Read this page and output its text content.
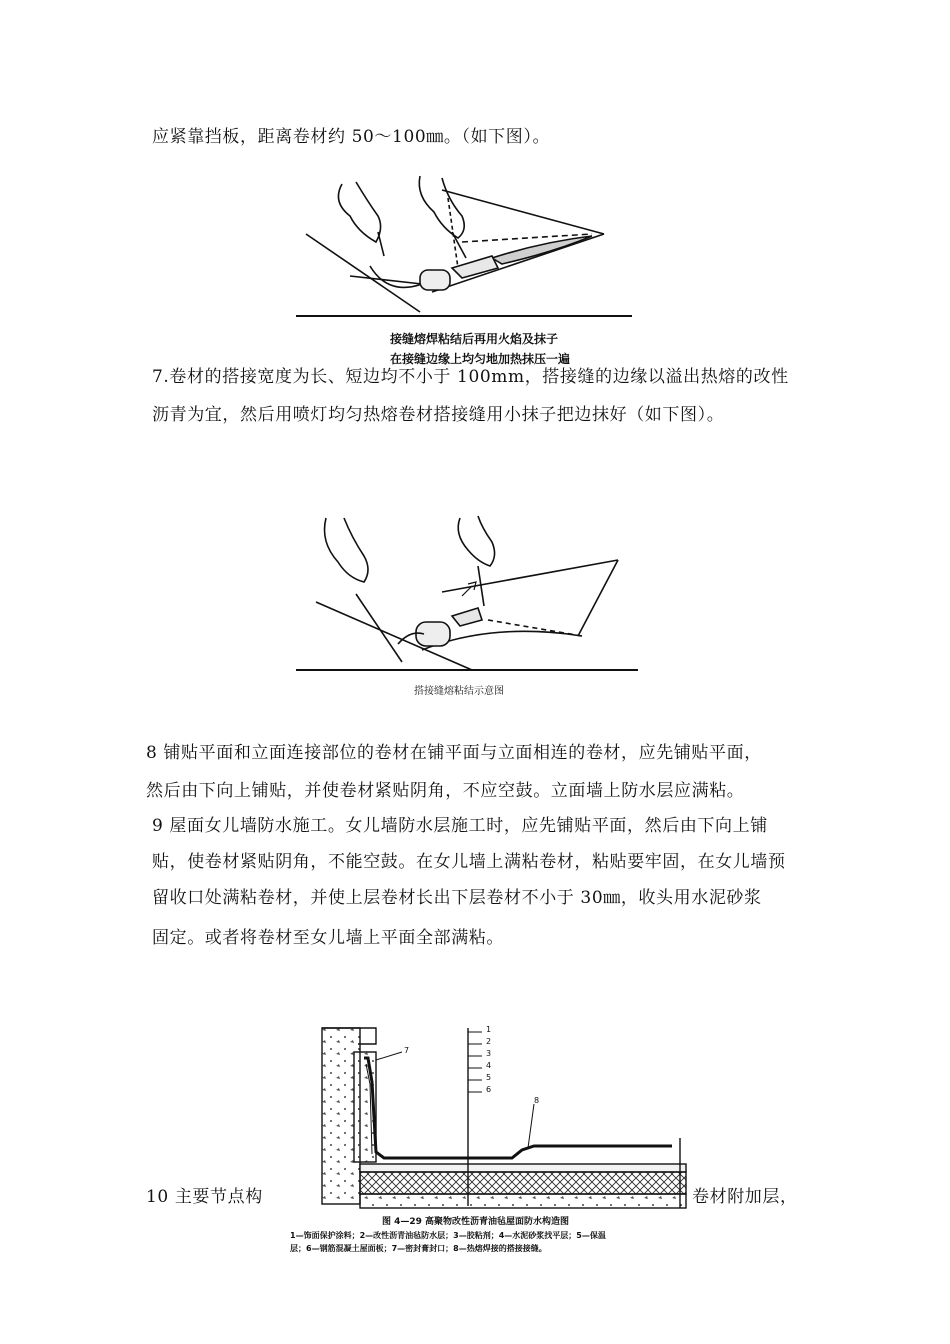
应紧靠挡板，距离卷材约 50～100㎜。（如下图）。
接缝熔焊粘结后再用火焰及抹子
在接缝边缘上均匀地加热抹压一遍
7.卷材的搭接宽度为长、短边均不小于 100mm，搭接缝的边缘以溢出热熔的改性
沥青为宜，然后用喷灯均匀热熔卷材搭接缝用小抹子把边抹好（如下图）。
搭接缝熔粘结示意图
8 铺贴平面和立面连接部位的卷材在铺平面与立面相连的卷材，应先铺贴平面，
然后由下向上铺贴，并使卷材紧贴阴角，不应空鼓。立面墙上防水层应满粘。
9 屋面女儿墙防水施工。女儿墙防水层施工时，应先铺贴平面，然后由下向上铺
贴，使卷材紧贴阴角，不能空鼓。在女儿墙上满粘卷材，粘贴要牢固，在女儿墙预
留收口处满粘卷材，并使上层卷材长出下层卷材不小于 30㎜，收头用水泥砂浆
固定。或者将卷材至女儿墙上平面全部满粘。
10 主要节点构	卷材附加层，
1
2
3
4
5
6
7
8
图 4—29 高聚物改性沥青油毡屋面防水构造图
1—饰面保护涂料；2—改性沥青油毡防水层；3—胶粘剂；4—水泥砂浆找平层；5—保温
层；6—钢筋混凝土屋面板；7—密封膏封口；8—热熔焊接的搭接接缝。
